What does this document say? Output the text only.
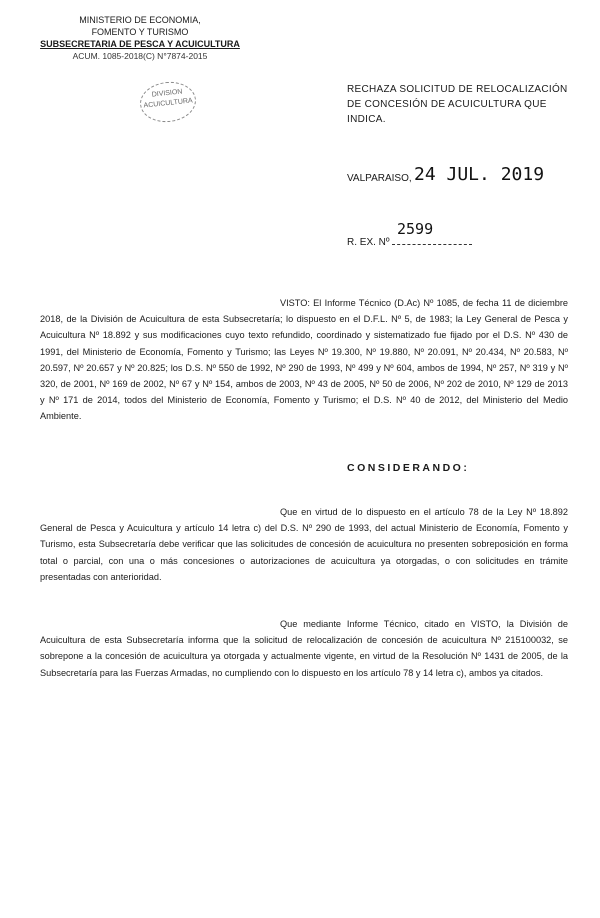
MINISTERIO DE ECONOMIA,
FOMENTO Y TURISMO
SUBSECRETARIA DE PESCA Y ACUICULTURA
ACUM. 1085-2018(C) N°7874-2015
DIVISION
ACUICULTURA
RECHAZA SOLICITUD DE RELOCALIZACIÓN DE CONCESIÓN DE ACUICULTURA QUE INDICA.
VALPARAISO, 24 JUL. 2019
2599
R. EX. Nº
VISTO: El Informe Técnico (D.Ac) Nº 1085, de fecha 11 de diciembre 2018, de la División de Acuicultura de esta Subsecretaría; lo dispuesto en el D.F.L. Nº 5, de 1983; la Ley General de Pesca y Acuicultura Nº 18.892 y sus modificaciones cuyo texto refundido, coordinado y sistematizado fue fijado por el D.S. Nº 430 de 1991, del Ministerio de Economía, Fomento y Turismo; las Leyes Nº 19.300, Nº 19.880, Nº 20.091, Nº 20.434, Nº 20.583, Nº 20.597, Nº 20.657 y Nº 20.825; los D.S. Nº 550 de 1992, Nº 290 de 1993, Nº 499 y Nº 604, ambos de 1994, Nº 257, Nº 319 y Nº 320, de 2001, Nº 169 de 2002, Nº 67 y Nº 154, ambos de 2003, Nº 43 de 2005, Nº 50 de 2006, Nº 202 de 2010, Nº 129 de 2013 y Nº 171 de 2014, todos del Ministerio de Economía, Fomento y Turismo; el D.S. Nº 40 de 2012, del Ministerio del Medio Ambiente.
CONSIDERANDO:
Que en virtud de lo dispuesto en el artículo 78 de la Ley Nº 18.892 General de Pesca y Acuicultura y artículo 14 letra c) del D.S. Nº 290 de 1993, del actual Ministerio de Economía, Fomento y Turismo, esta Subsecretaría debe verificar que las solicitudes de concesión de acuicultura no presenten sobreposición en forma total o parcial, con una o más concesiones o autorizaciones de acuicultura ya otorgadas, o con solicitudes en trámite presentadas con anterioridad.
Que mediante Informe Técnico, citado en VISTO, la División de Acuicultura de esta Subsecretaría informa que la solicitud de relocalización de concesión de acuicultura Nº 215100032, se sobrepone a la concesión de acuicultura ya otorgada y actualmente vigente, en virtud de la Resolución Nº 1431 de 2005, de la Subsecretaría para las Fuerzas Armadas, no cumpliendo con lo dispuesto en los artículo 78 y 14 letra c), ambos ya citados.
